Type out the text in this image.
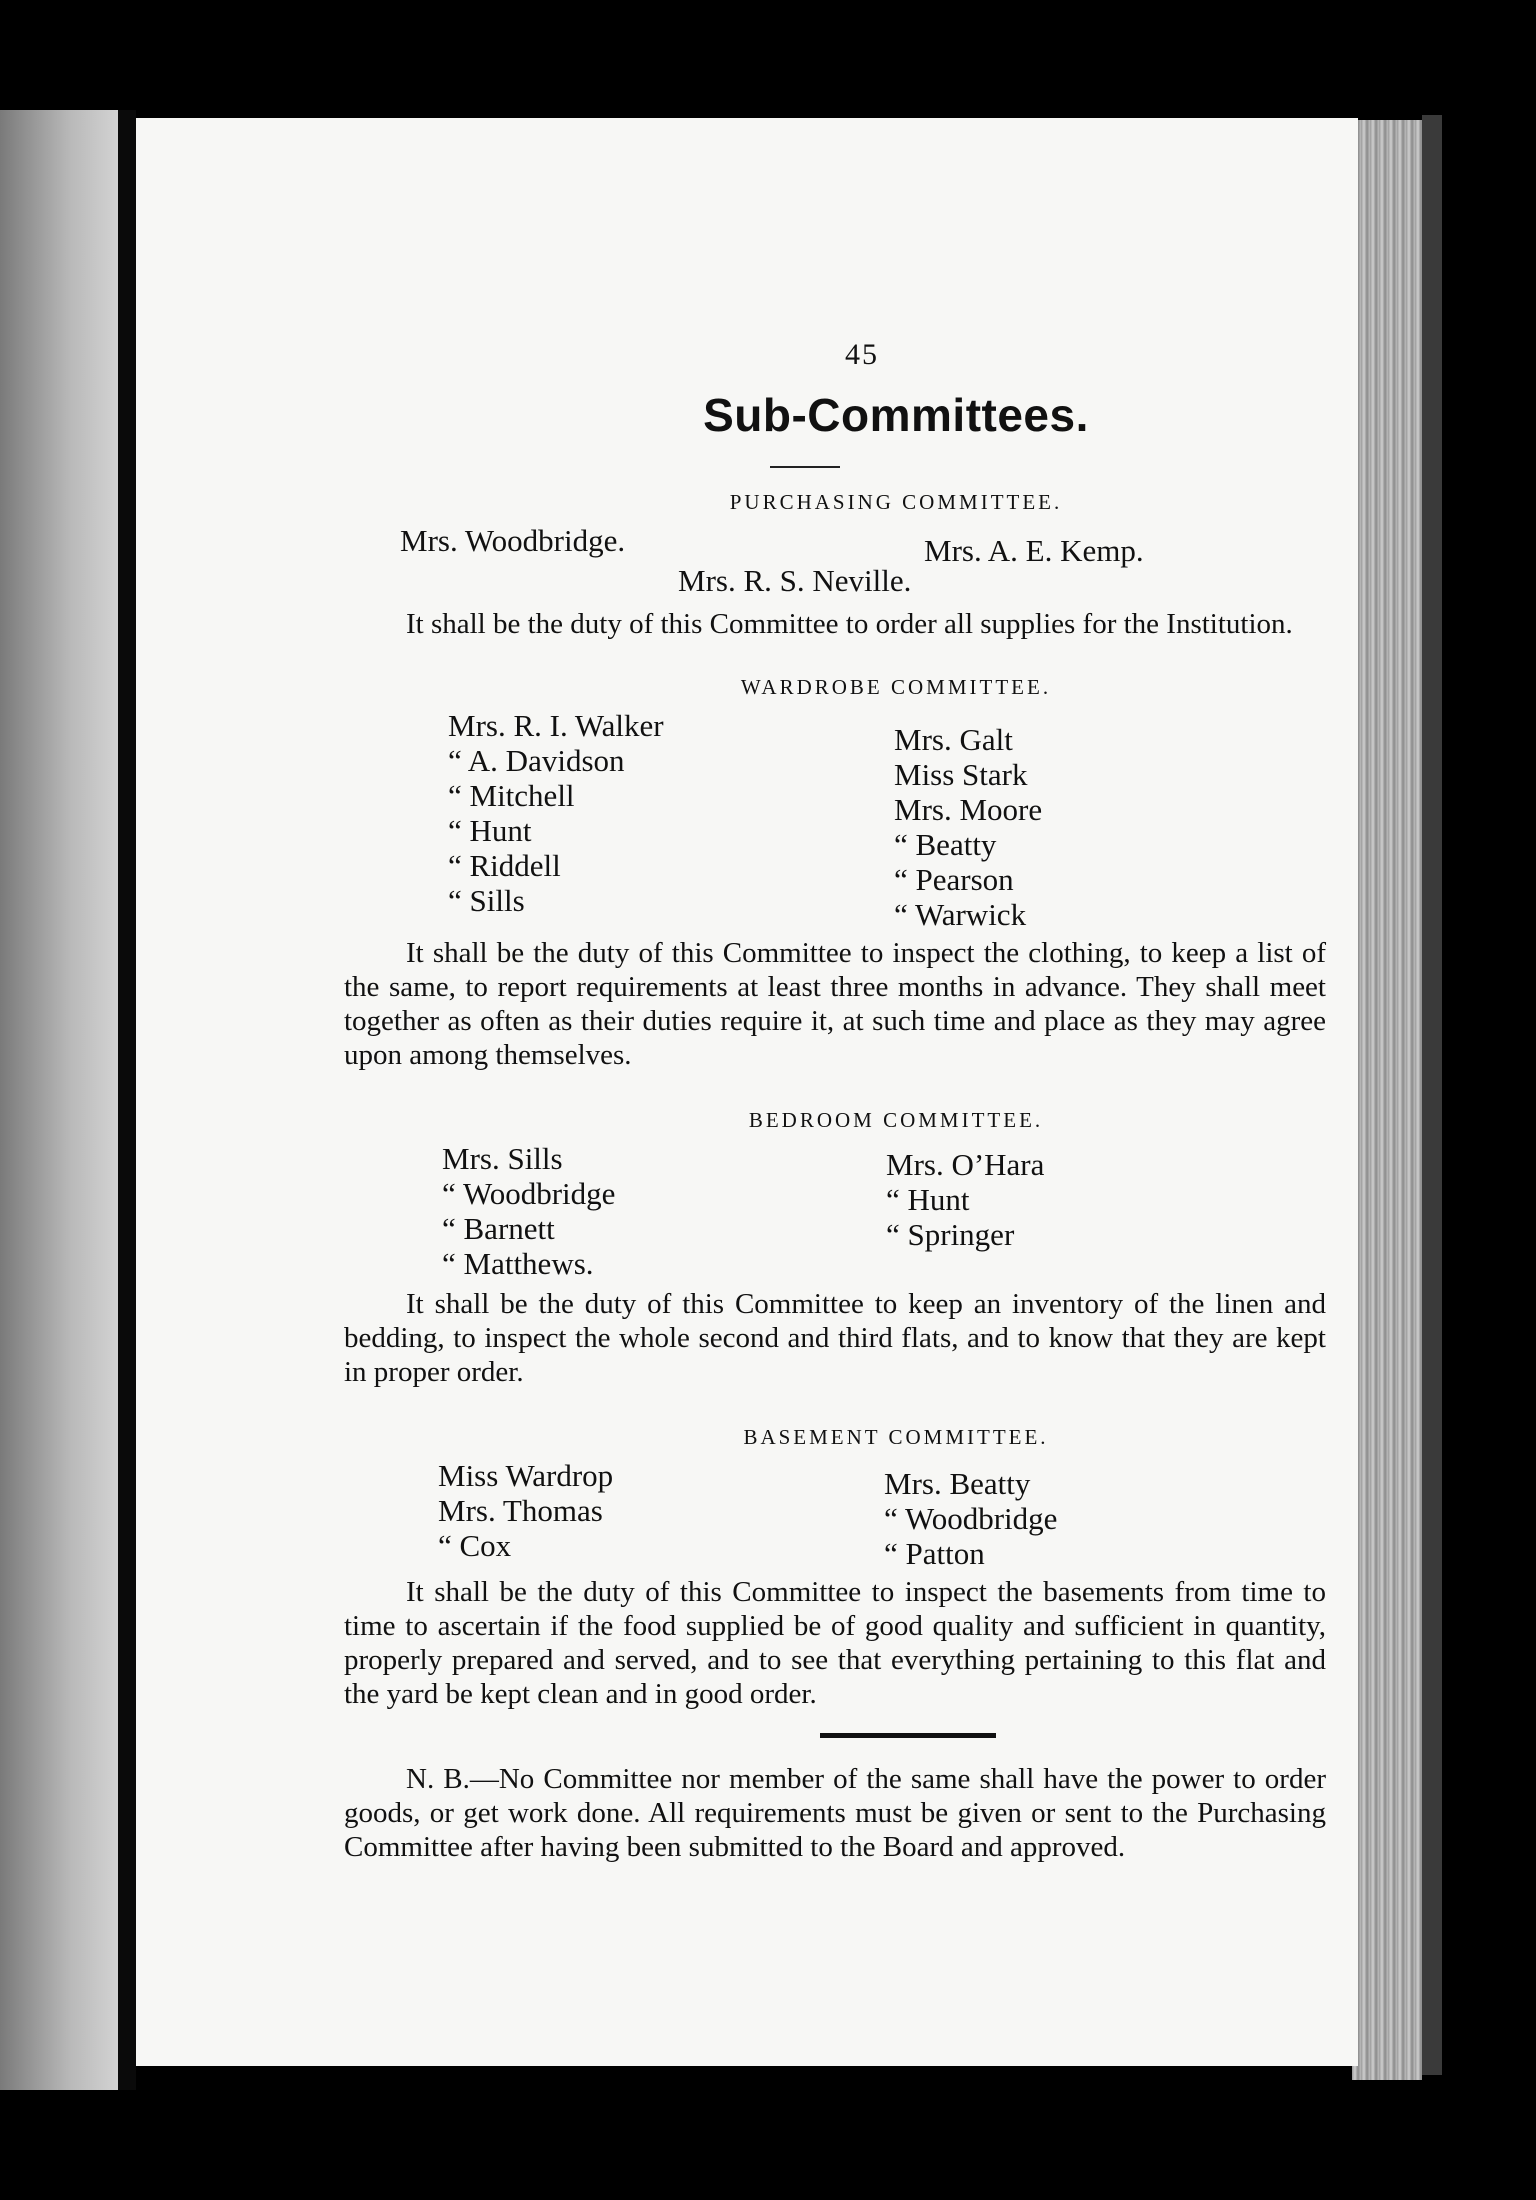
45
Sub-Committees.
PURCHASING COMMITTEE.
Mrs. Woodbridge.	Mrs. A. E. Kemp.
Mrs. R. S. Neville.

It shall be the duty of this Committee to order all supplies for the Institution.

WARDROBE COMMITTEE.
Mrs. R. I. Walker
“ A. Davidson
“ Mitchell
“ Hunt
“ Riddell
“ Sills
Mrs. Galt
Miss Stark
Mrs. Moore
“ Beatty
“ Pearson
“ Warwick

It shall be the duty of this Committee to inspect the clothing, to keep a list of the same, to report requirements at least three months in advance. They shall meet together as often as their duties require it, at such time and place as they may agree upon among themselves.

BEDROOM COMMITTEE.
Mrs. Sills
“ Woodbridge
“ Barnett
“ Matthews.
Mrs. O’Hara
“ Hunt
“ Springer

It shall be the duty of this Committee to keep an inventory of the linen and bedding, to inspect the whole second and third flats, and to know that they are kept in proper order.

BASEMENT COMMITTEE.
Miss Wardrop
Mrs. Thomas
“ Cox
Mrs. Beatty
“ Woodbridge
“ Patton

It shall be the duty of this Committee to inspect the basements from time to time to ascertain if the food supplied be of good quality and sufficient in quantity, properly prepared and served, and to see that everything pertaining to this flat and the yard be kept clean and in good order.

N. B.—No Committee nor member of the same shall have the power to order goods, or get work done. All requirements must be given or sent to the Purchasing Committee after having been submitted to the Board and approved.
